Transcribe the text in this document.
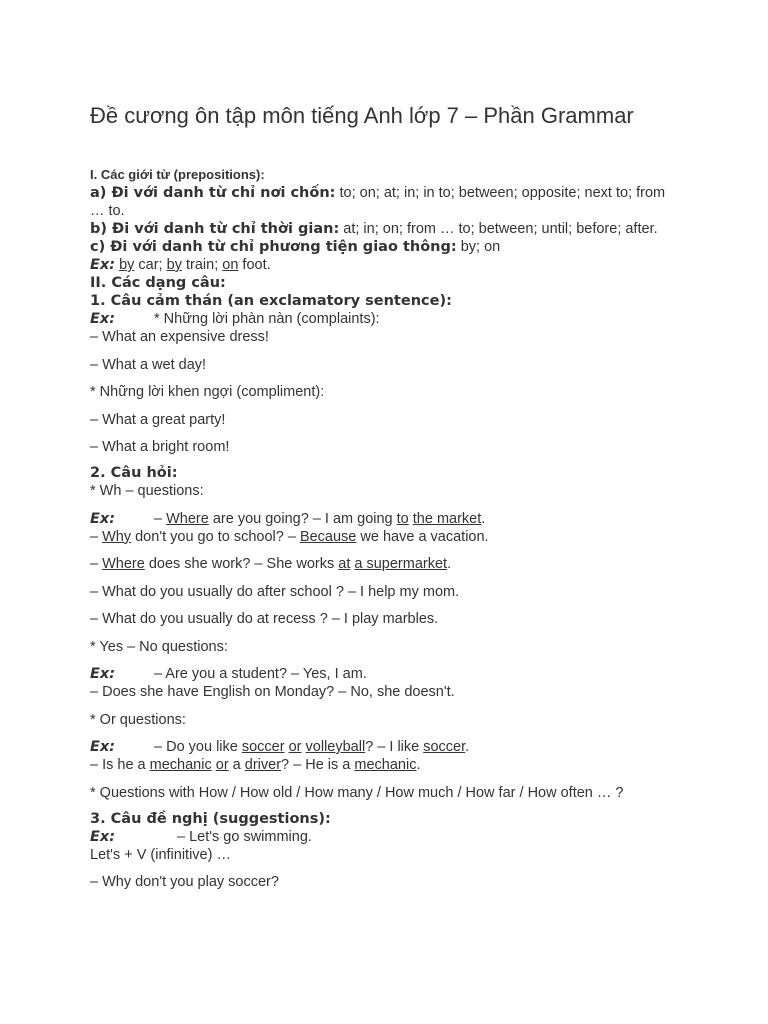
Đề cương ôn tập môn tiếng Anh lớp 7 – Phần Grammar

I. Các giới từ (prepositions):

a) Đi với danh từ chỉ nơi chốn: to; on; at; in; in to; between; opposite; next to; from … to.

b) Đi với danh từ chỉ thời gian: at; in; on; from … to; between; until; before; after.

c) Đi với danh từ chỉ phương tiện giao thông: by; on

Ex: by car; by train; on foot.

II. Các dạng câu:

1. Câu cảm thán (an exclamatory sentence):

Ex:	* Những lời phàn nàn (complaints):

– What an expensive dress!

– What a wet day!

* Những lời khen ngợi (compliment):

– What a great party!

– What a bright room!

2. Câu hỏi:

* Wh – questions:

Ex:	– Where are you going? – I am going to the market.

– Why don't you go to school? – Because we have a vacation.

– Where does she work? – She works at a supermarket.

– What do you usually do after school ? – I help my mom.

– What do you usually do at recess ? – I play marbles.

* Yes – No questions:

Ex:	– Are you a student? – Yes, I am.

– Does she have English on Monday? – No, she doesn't.

* Or questions:

Ex:	– Do you like soccer or volleyball? – I like soccer.

– Is he a mechanic or a driver? – He is a mechanic.

* Questions with How / How old / How many / How much / How far / How often … ?

3. Câu đề nghị (suggestions):

Ex:	– Let's go swimming.

Let's + V (infinitive) …

– Why don't you play soccer?
